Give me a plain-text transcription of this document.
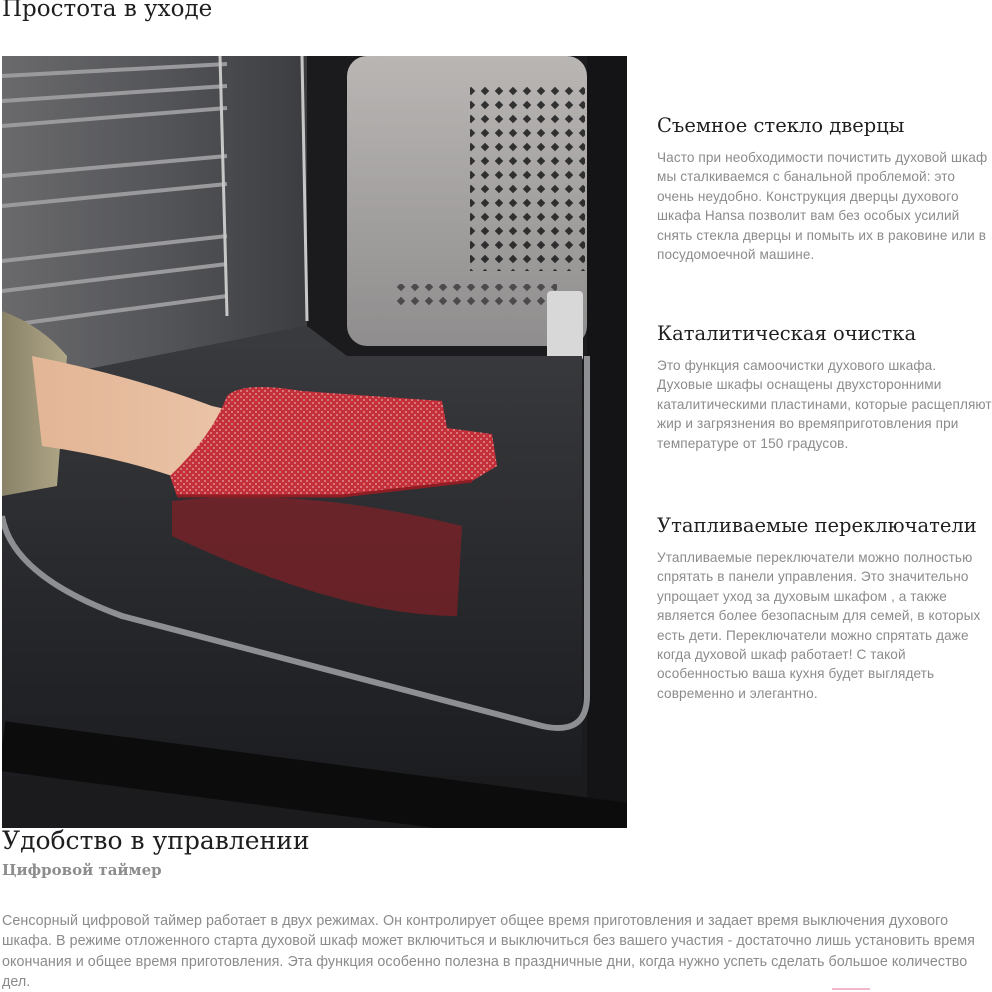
Простота в уходе
Съемное стекло дверцы

Часто при необходимости почистить духовой шкаф мы сталкиваемся с банальной проблемой: это очень неудобно. Конструкция дверцы духового шкафа Hansa позволит вам без особых усилий снять стекла дверцы и помыть их в раковине или в посудомоечной машине.

Каталитическая очистка

Это функция самоочистки духового шкафа. Духовые шкафы оснащены двухсторонними каталитическими пластинами, которые расщепляют жир и загрязнения во времяприготовления при температуре от 150 градусов.

Утапливаемые переключатели

Утапливаемые переключатели можно полностью спрятать в панели управления. Это значительно упрощает уход за духовым шкафом , а также является более безопасным для семей, в которых есть дети. Переключатели можно спрятать даже когда духовой шкаф работает! С такой особенностью ваша кухня будет выглядеть современно и элегантно.

Удобство в управлении
Цифровой таймер

Сенсорный цифровой таймер работает в двух режимах. Он контролирует общее время приготовления и задает время выключения духового шкафа. В режиме отложенного старта духовой шкаф может включиться и выключиться без вашего участия - достаточно лишь установить время окончания и общее время приготовления. Эта функция особенно полезна в праздничные дни, когда нужно успеть сделать большое количество дел.
